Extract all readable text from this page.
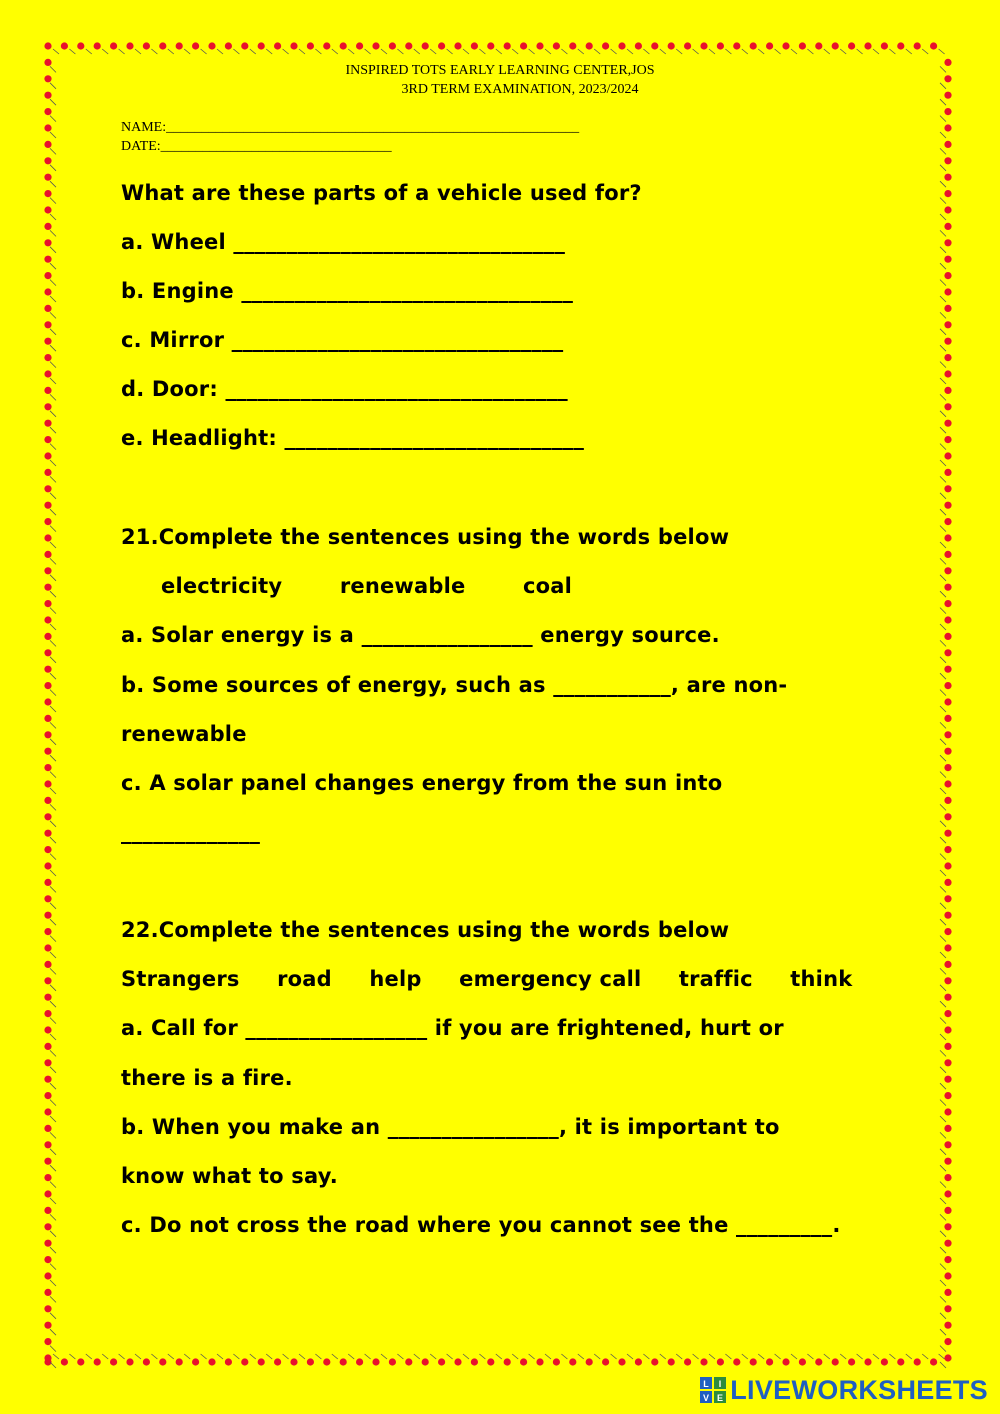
INSPIRED TOTS EARLY LEARNING CENTER,JOS
3RD TERM EXAMINATION, 2023/2024
NAME:___________________________________________________________
DATE:_________________________________
What are these parts of a vehicle used for?
a. Wheel _______________________________
b. Engine _______________________________
c. Mirror _______________________________
d. Door: ________________________________
e. Headlight: ____________________________
21.Complete the sentences using the words below
electricity	renewable	coal
a. Solar energy is a ________________ energy source.
b. Some sources of energy, such as ___________, are non-
renewable
c. A solar panel changes energy from the sun into
_____________
22.Complete the sentences using the words below
Strangers road help emergency call traffic think
a. Call for _________________ if you are frightened, hurt or
there is a fire.
b. When you make an ________________, it is important to
know what to say.
c. Do not cross the road where you cannot see the _________.
L I
V E LIVEWORKSHEETS
